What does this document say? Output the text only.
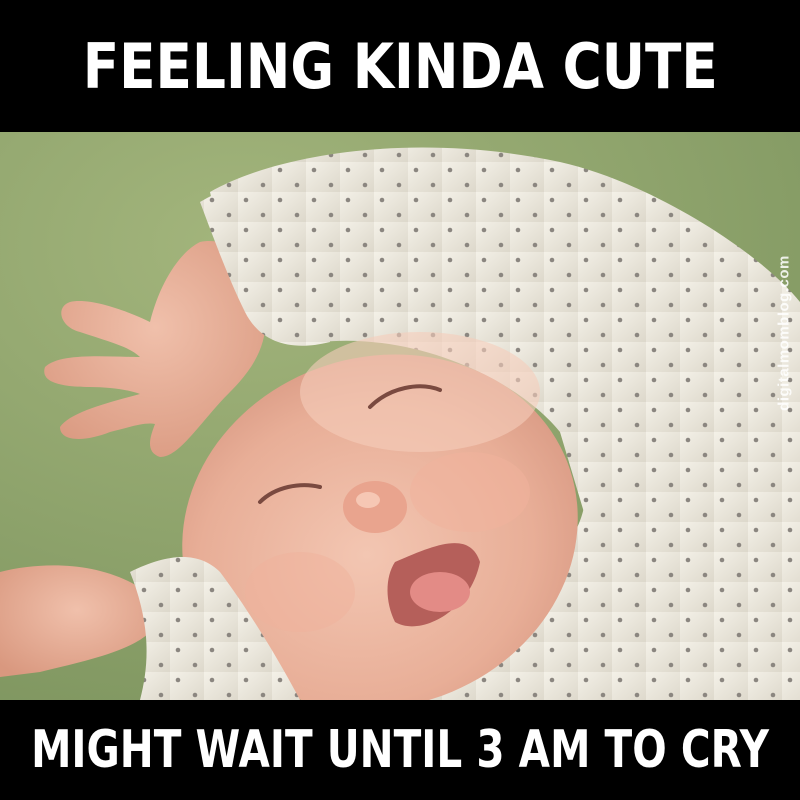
FEELING KINDA CUTE
digitalmomblog.com
MIGHT WAIT UNTIL 3 AM TO CRY
